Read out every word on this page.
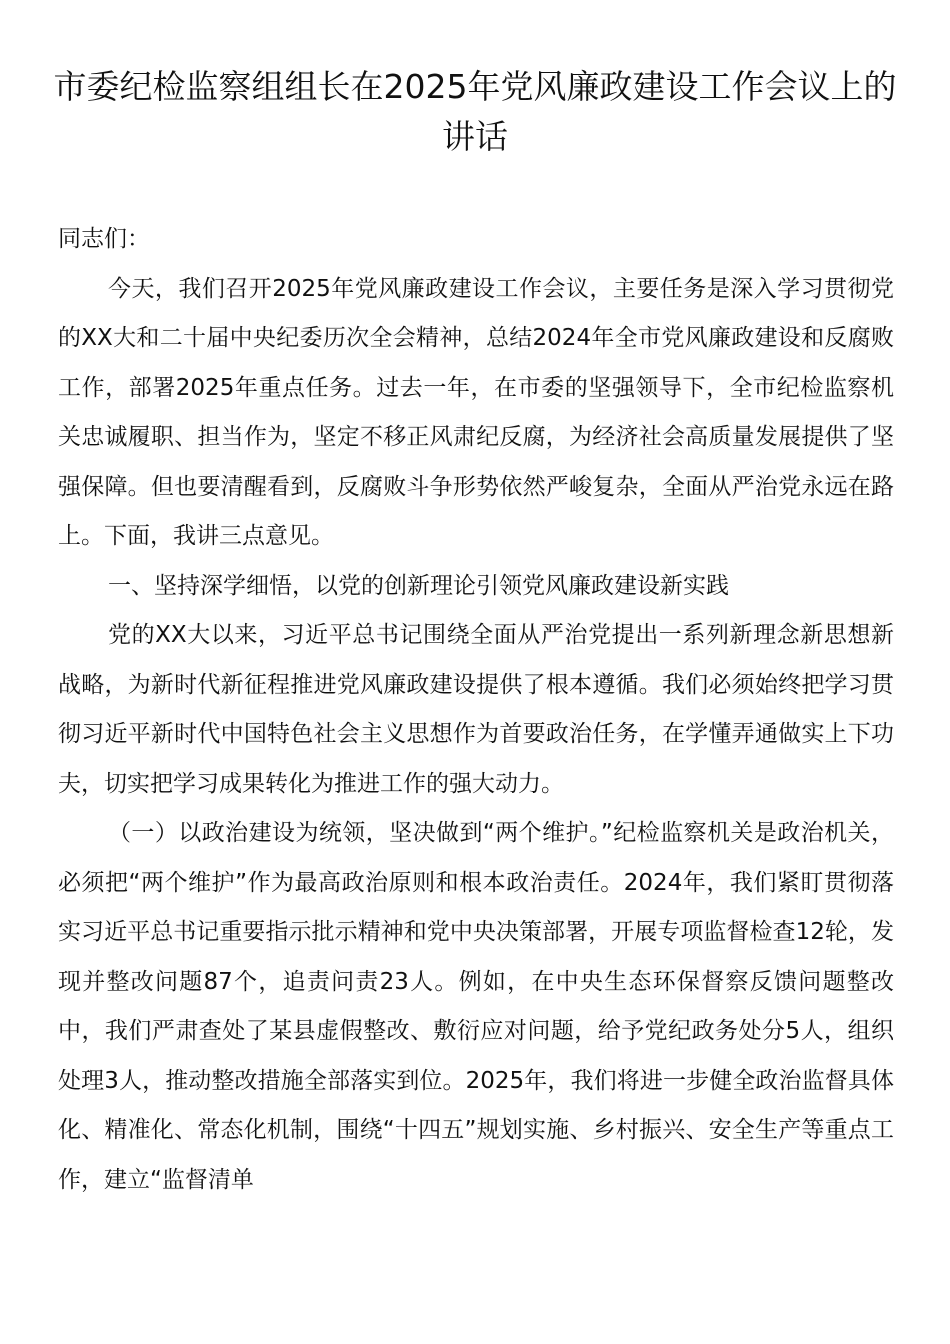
市委纪检监察组组长在2025年党风廉政建设工作会议上的讲话

同志们：

今天，我们召开2025年党风廉政建设工作会议，主要任务是深入学习贯彻党的XX大和二十届中央纪委历次全会精神，总结2024年全市党风廉政建设和反腐败工作，部署2025年重点任务。过去一年，在市委的坚强领导下，全市纪检监察机关忠诚履职、担当作为，坚定不移正风肃纪反腐，为经济社会高质量发展提供了坚强保障。但也要清醒看到，反腐败斗争形势依然严峻复杂，全面从严治党永远在路上。下面，我讲三点意见。

一、坚持深学细悟，以党的创新理论引领党风廉政建设新实践

党的XX大以来，习近平总书记围绕全面从严治党提出一系列新理念新思想新战略，为新时代新征程推进党风廉政建设提供了根本遵循。我们必须始终把学习贯彻习近平新时代中国特色社会主义思想作为首要政治任务，在学懂弄通做实上下功夫，切实把学习成果转化为推进工作的强大动力。

（一）以政治建设为统领，坚决做到“两个维护。”纪检监察机关是政治机关，必须把“两个维护”作为最高政治原则和根本政治责任。2024年，我们紧盯贯彻落实习近平总书记重要指示批示精神和党中央决策部署，开展专项监督检查12轮，发现并整改问题87个，追责问责23人。例如，在中央生态环保督察反馈问题整改中，我们严肃查处了某县虚假整改、敷衍应对问题，给予党纪政务处分5人，组织处理3人，推动整改措施全部落实到位。2025年，我们将进一步健全政治监督具体化、精准化、常态化机制，围绕“十四五”规划实施、乡村振兴、安全生产等重点工作，建立“监督清单
